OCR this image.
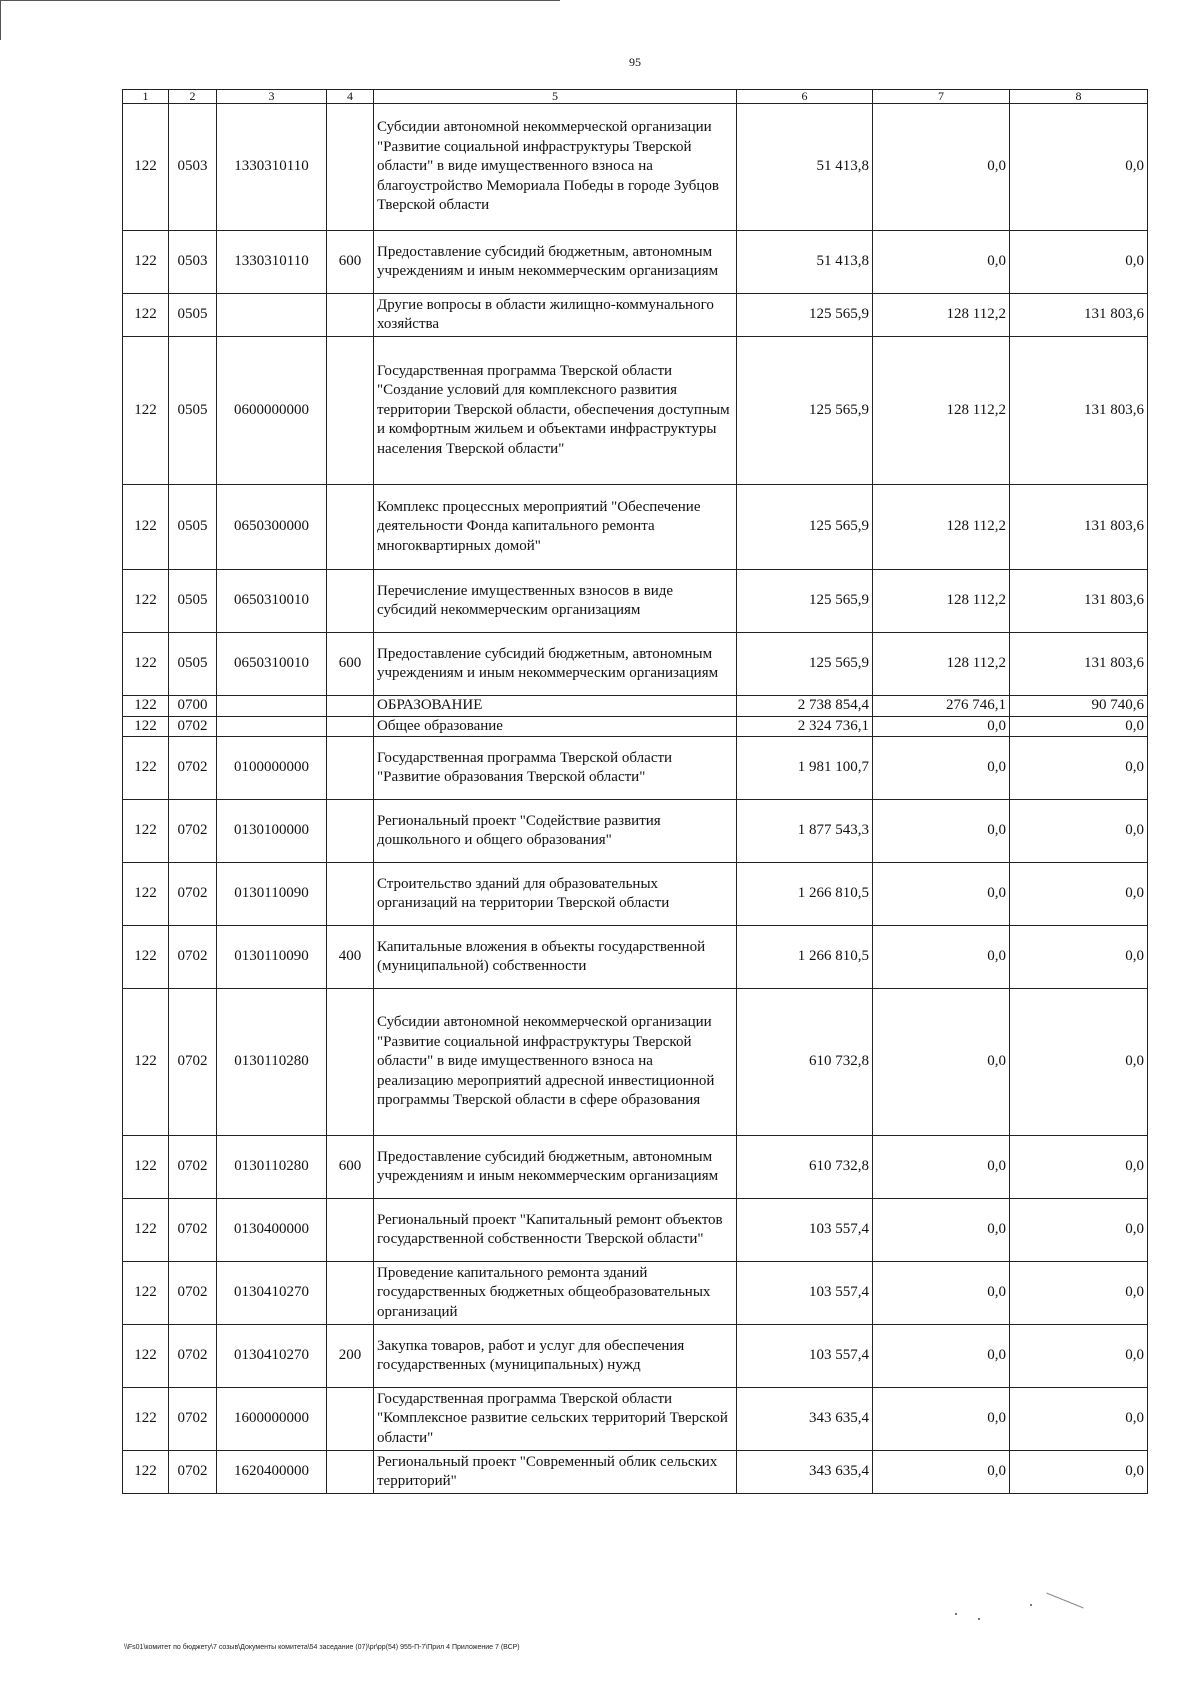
95
1	2	3	4	5	6	7	8
122	0503	1330310110		Субсидии автономной некоммерческой организации "Развитие социальной инфраструктуры Тверской области" в виде имущественного взноса на благоустройство Мемориала Победы в городе Зубцов Тверской области	51 413,8	0,0	0,0
122	0503	1330310110	600	Предоставление субсидий бюджетным, автономным учреждениям и иным некоммерческим организациям	51 413,8	0,0	0,0
122	0505			Другие вопросы в области жилищно-коммунального хозяйства	125 565,9	128 112,2	131 803,6
122	0505	0600000000		Государственная программа Тверской области "Создание условий для комплексного развития территории Тверской области, обеспечения доступным и комфортным жильем и объектами инфраструктуры населения Тверской области"	125 565,9	128 112,2	131 803,6
122	0505	0650300000		Комплекс процессных мероприятий "Обеспечение деятельности Фонда капитального ремонта многоквартирных домой"	125 565,9	128 112,2	131 803,6
122	0505	0650310010		Перечисление имущественных взносов в виде субсидий некоммерческим организациям	125 565,9	128 112,2	131 803,6
122	0505	0650310010	600	Предоставление субсидий бюджетным, автономным учреждениям и иным некоммерческим организациям	125 565,9	128 112,2	131 803,6
122	0700			ОБРАЗОВАНИЕ	2 738 854,4	276 746,1	90 740,6
122	0702			Общее образование	2 324 736,1	0,0	0,0
122	0702	0100000000		Государственная программа Тверской области "Развитие образования Тверской области"	1 981 100,7	0,0	0,0
122	0702	0130100000		Региональный проект "Содействие развития дошкольного и общего образования"	1 877 543,3	0,0	0,0
122	0702	0130110090		Строительство зданий для образовательных организаций на территории Тверской области	1 266 810,5	0,0	0,0
122	0702	0130110090	400	Капитальные вложения в объекты государственной (муниципальной) собственности	1 266 810,5	0,0	0,0
122	0702	0130110280		Субсидии автономной некоммерческой организации "Развитие социальной инфраструктуры Тверской области" в виде имущественного взноса на реализацию мероприятий адресной инвестиционной программы Тверской области в сфере образования	610 732,8	0,0	0,0
122	0702	0130110280	600	Предоставление субсидий бюджетным, автономным учреждениям и иным некоммерческим организациям	610 732,8	0,0	0,0
122	0702	0130400000		Региональный проект "Капитальный ремонт объектов государственной собственности Тверской области"	103 557,4	0,0	0,0
122	0702	0130410270		Проведение капитального ремонта зданий государственных бюджетных общеобразовательных организаций	103 557,4	0,0	0,0
122	0702	0130410270	200	Закупка товаров, работ и услуг для обеспечения государственных (муниципальных) нужд	103 557,4	0,0	0,0
122	0702	1600000000		Государственная программа Тверской области "Комплексное развитие сельских территорий Тверской области"	343 635,4	0,0	0,0
122	0702	1620400000		Региональный проект "Современный облик сельских территорий"	343 635,4	0,0	0,0
\\Fs01\комитет по бюджету\7 созыв\Документы комитета\54 заседание (07)\pr\pp(54) 955-П-7\Прил 4 Приложение 7 (ВСР)
